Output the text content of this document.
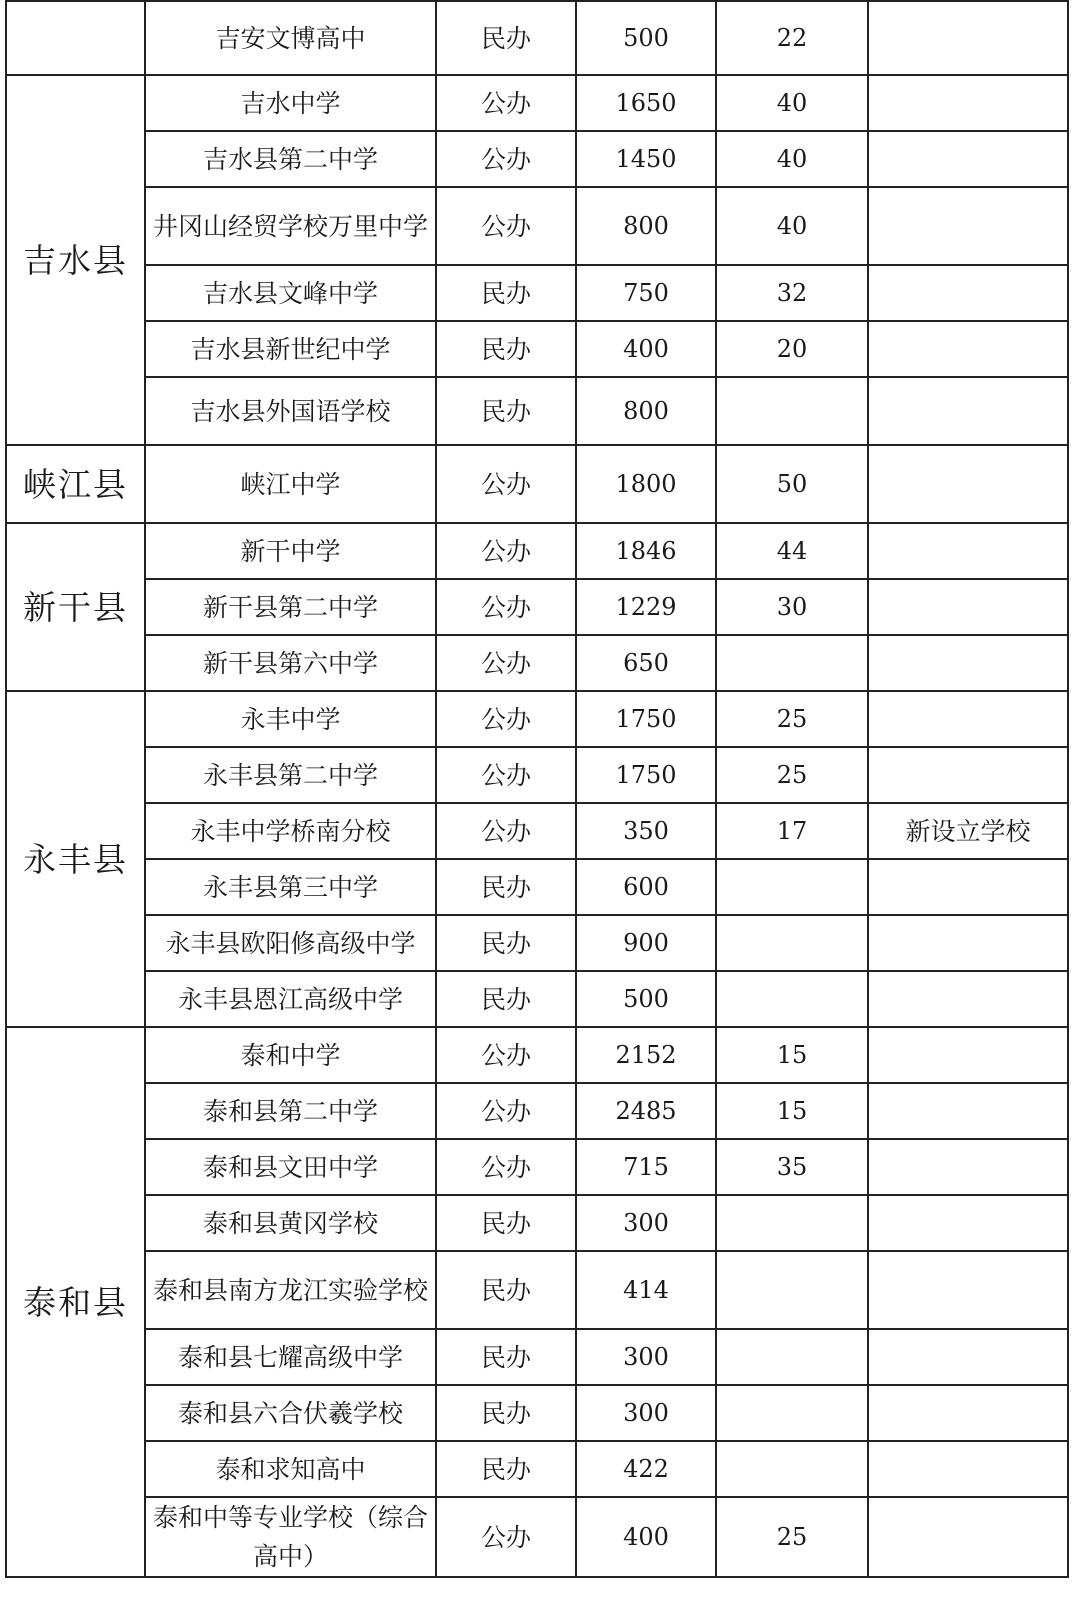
	吉安文博高中	民办	500	22	
吉水县	吉水中学	公办	1650	40	
	吉水县第二中学	公办	1450	40	
	井冈山经贸学校万里中学	公办	800	40	
	吉水县文峰中学	民办	750	32	
	吉水县新世纪中学	民办	400	20	
	吉水县外国语学校	民办	800		
峡江县	峡江中学	公办	1800	50	
新干县	新干中学	公办	1846	44	
	新干县第二中学	公办	1229	30	
	新干县第六中学	公办	650		
永丰县	永丰中学	公办	1750	25	
	永丰县第二中学	公办	1750	25	
	永丰中学桥南分校	公办	350	17	新设立学校
	永丰县第三中学	民办	600		
	永丰县欧阳修高级中学	民办	900		
	永丰县恩江高级中学	民办	500		
泰和县	泰和中学	公办	2152	15	
	泰和县第二中学	公办	2485	15	
	泰和县文田中学	公办	715	35	
	泰和县黄冈学校	民办	300		
	泰和县南方龙江实验学校	民办	414		
	泰和县七耀高级中学	民办	300		
	泰和县六合伏羲学校	民办	300		
	泰和求知高中	民办	422		
	泰和中等专业学校（综合高中）	公办	400	25	
